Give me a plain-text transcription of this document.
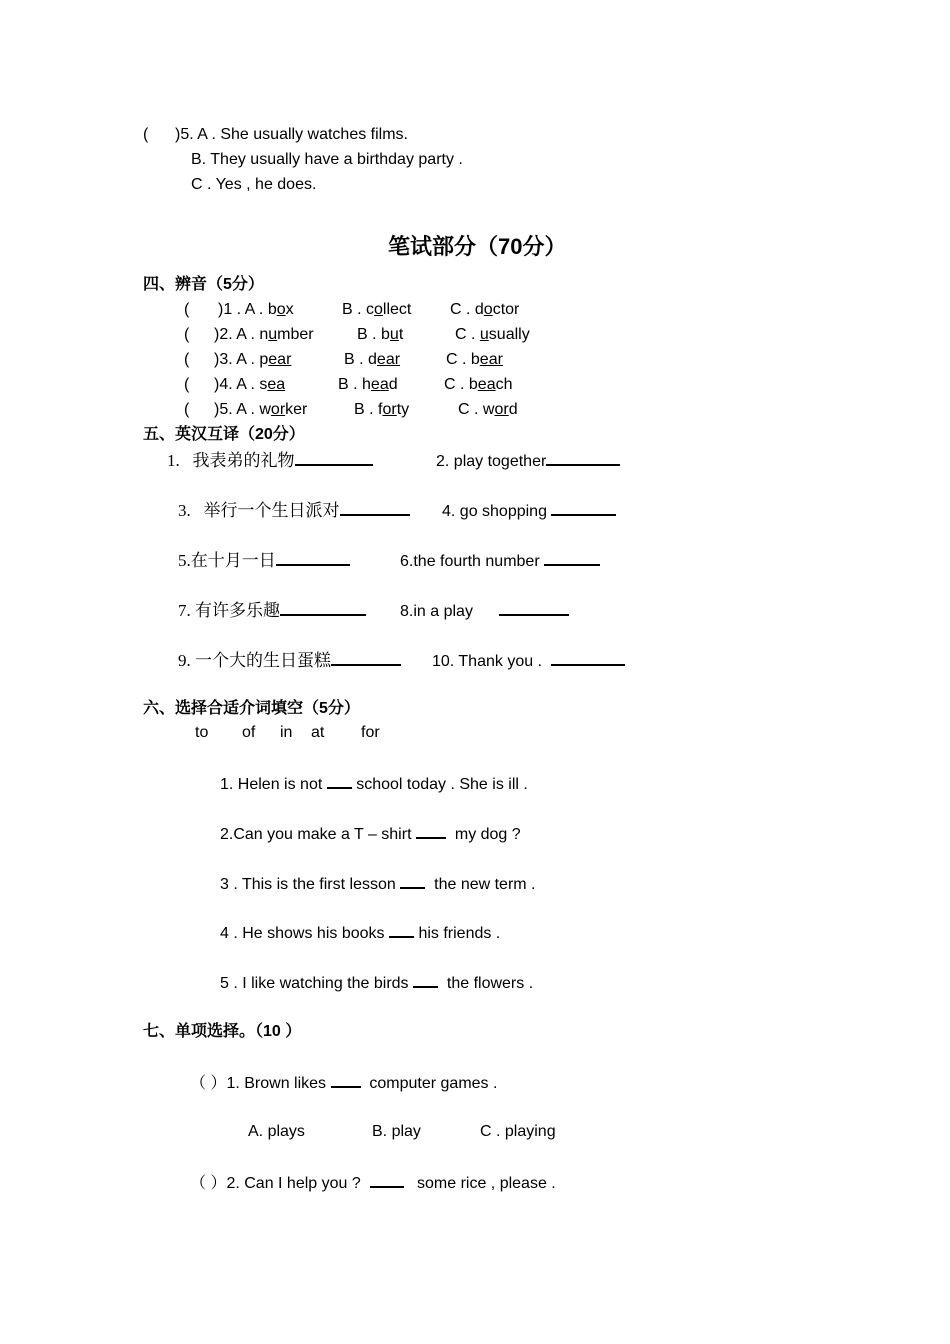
( )5. A . She usually watches films.
B. They usually have a birthday party .
C . Yes , he does.
笔试部分（70分）
四、辨音（5分）
( )1 . A . box	B . collect C . doctor
( )2. A . number	B . but	C . usually
( )3. A . pear	B . dear	C . bear
( )4. A . sea	B . head	C . beach
( )5. A . worker	B . forty	C . word
五、英汉互译（20分）
1. 我表弟的礼物	2. play together
3. 举行一个生日派对	4. go shopping
5.在十月一日	6.the fourth number
7. 有许多乐趣	8.in a play
9. 一个大的生日蛋糕	10. Thank you .
六、选择合适介词填空（5分）
to of in at for
1. Helen is not school today . She is ill .
2.Can you make a T – shirt	my dog ?
3 . This is the first lesson the new term .
4 . He shows his books his friends .
5 . I like watching the birds the flowers .
七、单项选择。（10 ）
（ ）1. Brown likes	computer games .
A. plays	B. play	C . playing
（ ）2. Can I help you ?	some rice , please .
